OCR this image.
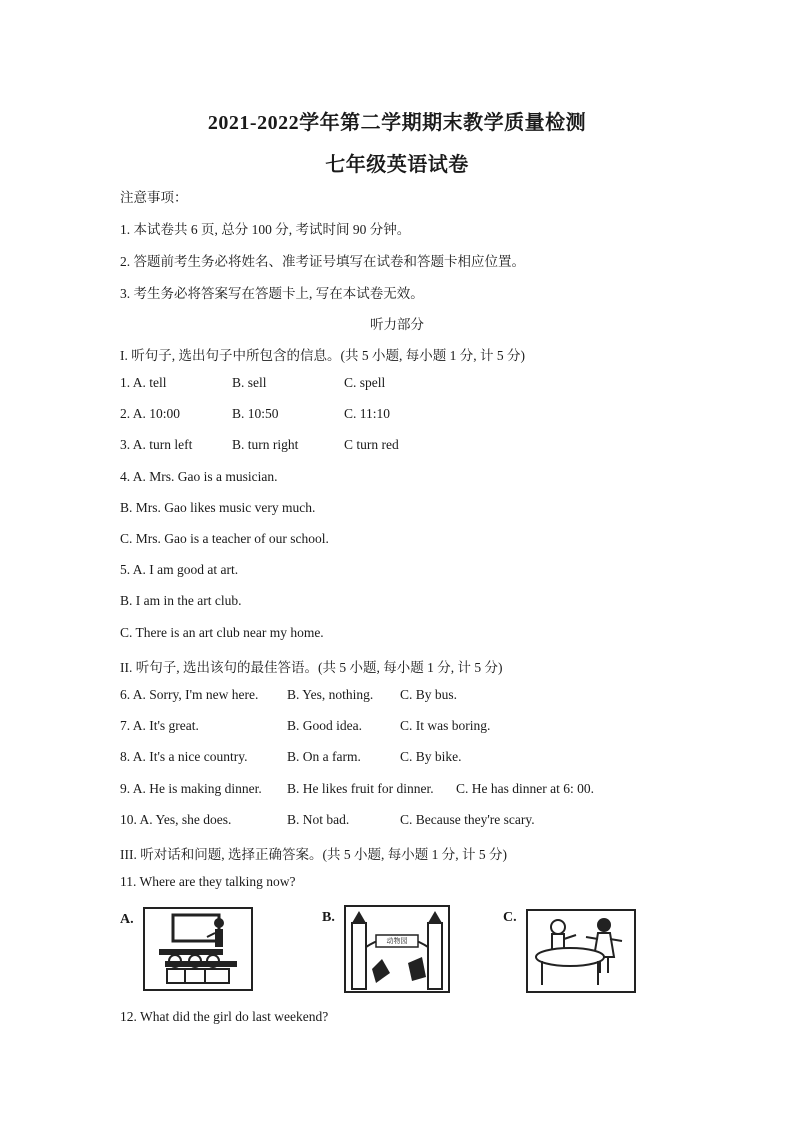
2021-2022学年第二学期期末教学质量检测
七年级英语试卷
注意事项：
1. 本试卷共 6 页, 总分 100 分, 考试时间 90 分钟。
2. 答题前考生务必将姓名、准考证号填写在试卷和答题卡相应位置。
3. 考生务必将答案写在答题卡上, 写在本试卷无效。
听力部分
I. 听句子, 选出句子中所包含的信息。(共 5 小题, 每小题 1 分, 计 5 分)
1. A. tell	B. sell	C. spell
2. A. 10:00	B. 10:50	C. 11:10
3. A. turn left	B. turn right	C turn red
4. A. Mrs. Gao is a musician.
B. Mrs. Gao likes music very much.
C. Mrs. Gao is a teacher of our school.
5. A. I am good at art.
B. I am in the art club.
C. There is an art club near my home.
II. 听句子, 选出该句的最佳答语。(共 5 小题, 每小题 1 分, 计 5 分)
6. A. Sorry, I'm new here. B. Yes, nothing. C. By bus.
7. A. It's great.	B. Good idea.	C. It was boring.
8. A. It's a nice country.	B. On a farm.	C. By bike.
9. A. He is making dinner. B. He likes fruit for dinner. C. He has dinner at 6: 00.
10. A. Yes, she does.	B. Not bad.	C. Because they're scary.
III. 听对话和问题, 选择正确答案。(共 5 小题, 每小题 1 分, 计 5 分)
11. Where are they talking now?
A.	B.
动物园
C.
12. What did the girl do last weekend?
